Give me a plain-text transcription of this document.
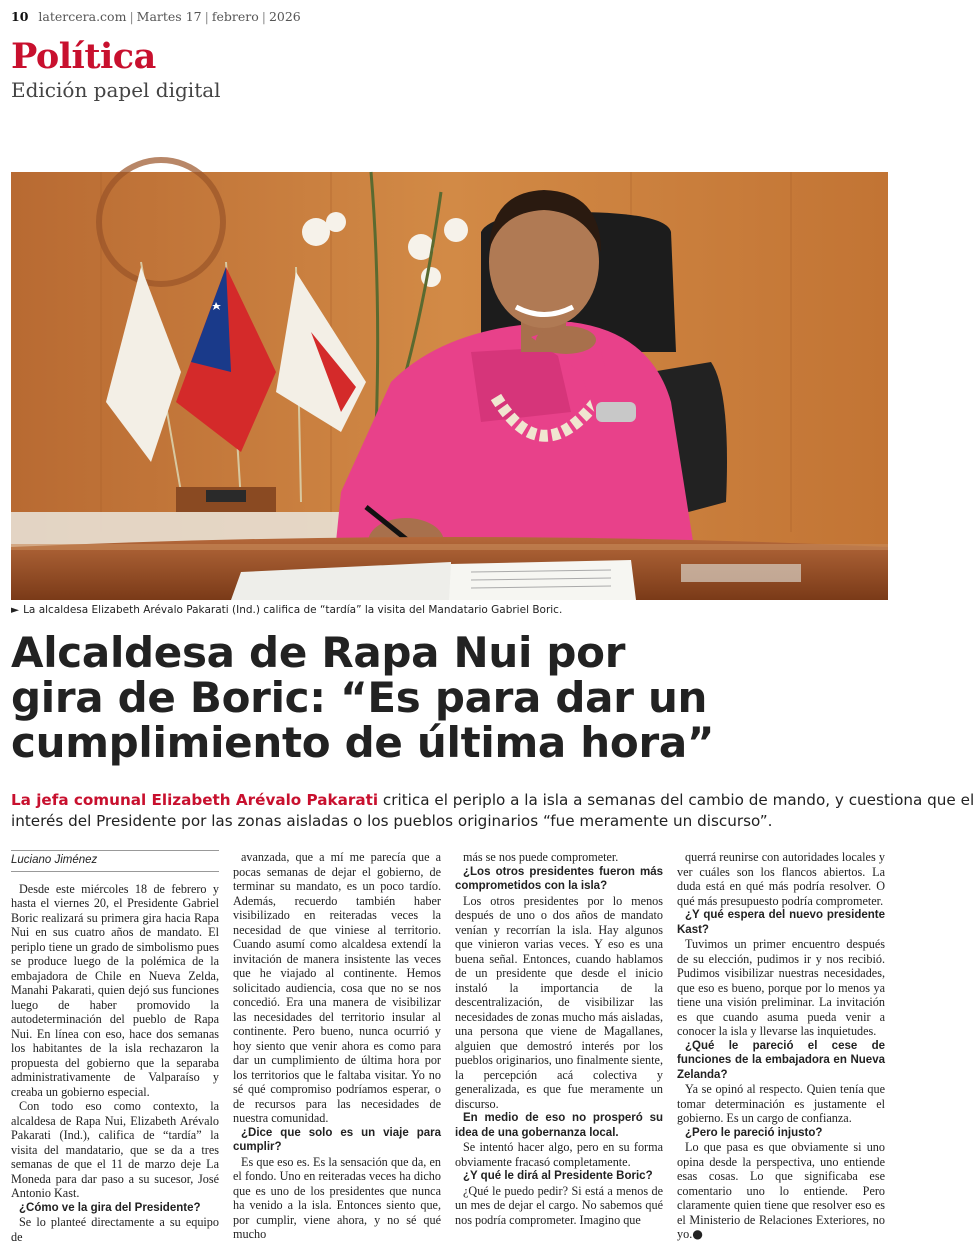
10 latercera.com | Martes 17 | febrero | 2026
Política
Edición papel digital
► La alcaldesa Elizabeth Arévalo Pakarati (Ind.) califica de “tardía” la visita del Mandatario Gabriel Boric.
Alcaldesa de Rapa Nui por
gira de Boric: “Es para dar un
cumplimiento de última hora”
La jefa comunal Elizabeth Arévalo Pakarati critica el periplo a la isla a semanas del cambio de mando, y cuestiona que el
interés del Presidente por las zonas aisladas o los pueblos originarios “fue meramente un discurso”.
Luciano Jiménez

Desde este miércoles 18 de febrero y hasta el viernes 20, el Presidente Gabriel Boric realizará su primera gira hacia Rapa Nui en sus cuatro años de mandato. El periplo tiene un grado de simbolismo pues se produce luego de la polémica de la embajadora de Chile en Nueva Zelda, Manahi Pakarati, quien dejó sus funciones luego de haber promovido la autodeterminación del pueblo de Rapa Nui. En línea con eso, hace dos semanas los habitantes de la isla rechazaron la propuesta del gobierno que la separaba administrativamente de Valparaíso y creaba un gobierno especial.

Con todo eso como contexto, la alcaldesa de Rapa Nui, Elizabeth Arévalo Pakarati (Ind.), califica de “tardía” la visita del mandatario, que se da a tres semanas de que el 11 de marzo deje La Moneda para dar paso a su sucesor, José Antonio Kast.

¿Cómo ve la gira del Presidente?

Se lo planteé directamente a su equipo de

avanzada, que a mí me parecía que a pocas semanas de dejar el gobierno, de terminar su mandato, es un poco tardío. Además, recuerdo también haber visibilizado en reiteradas veces la necesidad de que viniese al territorio. Cuando asumí como alcaldesa extendí la invitación de manera insistente las veces que he viajado al continente. Hemos solicitado audiencia, cosa que no se nos concedió. Era una manera de visibilizar las necesidades del territorio insular al continente. Pero bueno, nunca ocurrió y hoy siento que venir ahora es como para dar un cumplimiento de última hora por los territorios que le faltaba visitar. Yo no sé qué compromiso podríamos esperar, o de recursos para las necesidades de nuestra comunidad.

¿Dice que solo es un viaje para cumplir?

Es que eso es. Es la sensación que da, en el fondo. Uno en reiteradas veces ha dicho que es uno de los presidentes que nunca ha venido a la isla. Entonces siento que, por cumplir, viene ahora, y no sé qué mucho

más se nos puede comprometer.

¿Los otros presidentes fueron más comprometidos con la isla?

Los otros presidentes por lo menos después de uno o dos años de mandato venían y recorrían la isla. Hay algunos que vinieron varias veces. Y eso es una buena señal. Entonces, cuando hablamos de un presidente que desde el inicio instaló la importancia de la descentralización, de visibilizar las necesidades de zonas mucho más aisladas, una persona que viene de Magallanes, alguien que demostró interés por los pueblos originarios, uno finalmente siente, la percepción acá colectiva y generalizada, es que fue meramente un discurso.

En medio de eso no prosperó su idea de una gobernanza local.

Se intentó hacer algo, pero en su forma obviamente fracasó completamente.

¿Y qué le dirá al Presidente Boric?

¿Qué le puedo pedir? Si está a menos de un mes de dejar el cargo. No sabemos qué nos podría comprometer. Imagino que

querrá reunirse con autoridades locales y ver cuáles son los flancos abiertos. La duda está en qué más podría resolver. O qué más presupuesto podría comprometer.

¿Y qué espera del nuevo presidente Kast?

Tuvimos un primer encuentro después de su elección, pudimos ir y nos recibió. Pudimos visibilizar nuestras necesidades, que eso es bueno, porque por lo menos ya tiene una visión preliminar. La invitación es que cuando asuma pueda venir a conocer la isla y llevarse las inquietudes.

¿Qué le pareció el cese de funciones de la embajadora en Nueva Zelanda?

Ya se opinó al respecto. Quien tenía que tomar determinación es justamente el gobierno. Es un cargo de confianza.

¿Pero le pareció injusto?

Lo que pasa es que obviamente si uno opina desde la perspectiva, uno entiende esas cosas. Lo que significaba ese comentario uno lo entiende. Pero claramente quien tiene que resolver eso es el Ministerio de Relaciones Exteriores, no yo.●
